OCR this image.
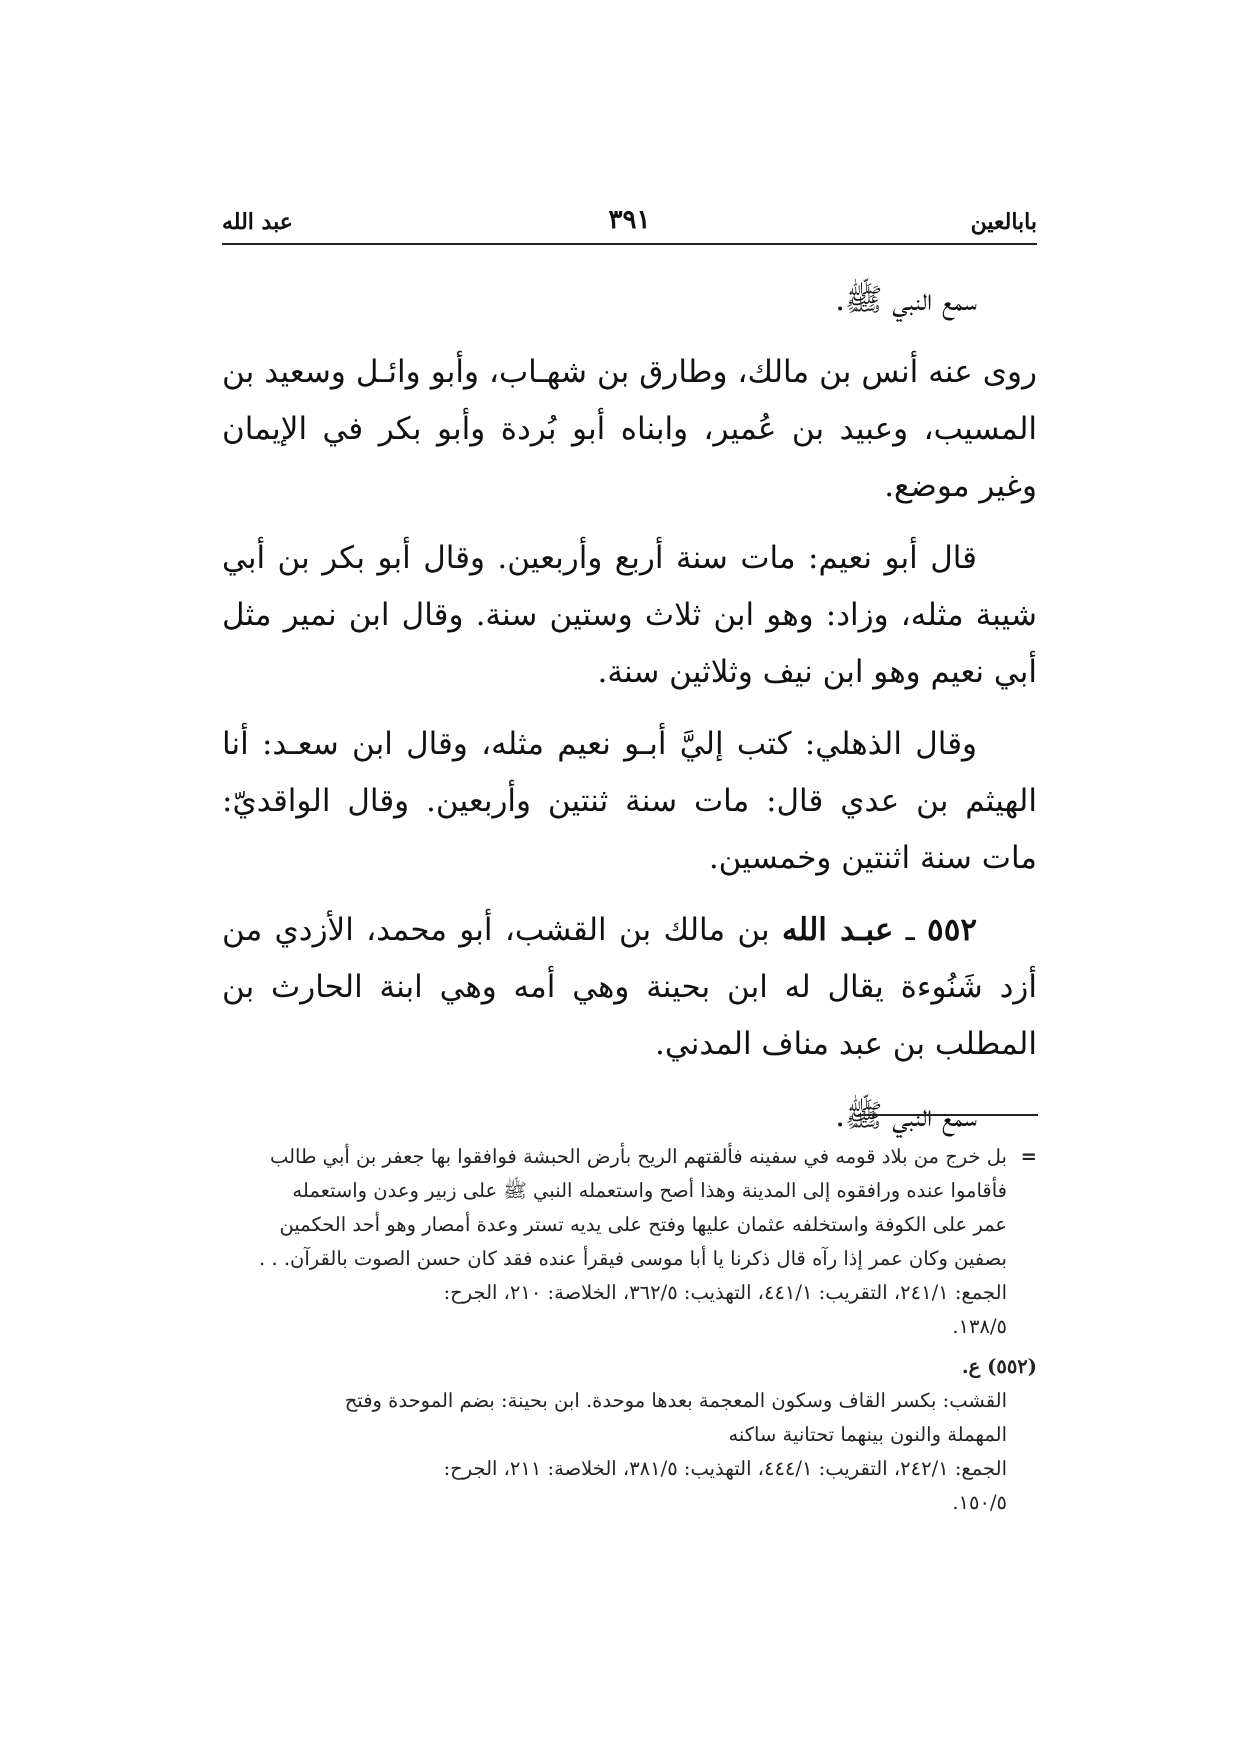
بابالعين
٣٩١
عبد الله

سمع النبي ﷺ.

روى عنه أنس بن مالك، وطارق بن شهـاب، وأبو وائـل وسعيد بن المسيب، وعبيد بن عُمير، وابناه أبو بُردة وأبو بكر في الإيمان وغير موضع.

قال أبو نعيم: مات سنة أربع وأربعين. وقال أبو بكر بن أبي شيبة مثله، وزاد: وهو ابن ثلاث وستين سنة. وقال ابن نمير مثل أبي نعيم وهو ابن نيف وثلاثين سنة.

وقال الذهلي: كتب إليَّ أبـو نعيم مثله، وقال ابن سعـد: أنا الهيثم بن عدي قال: مات سنة ثنتين وأربعين. وقال الواقديّ: مات سنة اثنتين وخمسين.

٥٥٢ ـ عبـد الله بن مالك بن القشب، أبو محمد، الأزدي من أزد شَنُوءة يقال له ابن بحينة وهي أمه وهي ابنة الحارث بن المطلب بن عبد مناف المدني.

سمع النبي ﷺ.

=
بل خرج من بلاد قومه في سفينه فألقتهم الريح بأرض الحبشة فوافقوا بها جعفر بن أبي طالب
فأقاموا عنده ورافقوه إلى المدينة وهذا أصح واستعمله النبي ﷺ على زبير وعدن واستعمله
عمر على الكوفة واستخلفه عثمان عليها وفتح على يديه تستر وعدة أمصار وهو أحد الحكمين
بصفين وكان عمر إذا رآه قال ذكرنا يا أبا موسى فيقرأ عنده فقد كان حسن الصوت بالقرآن. . .
الجمع: ٢٤١/١، التقريب: ٤٤١/١، التهذيب: ٣٦٢/٥، الخلاصة: ٢١٠، الجرح:
١٣٨/٥.
(٥٥٢) ع.
القشب: بكسر القاف وسكون المعجمة بعدها موحدة. ابن بحينة: بضم الموحدة وفتح
المهملة والنون بينهما تحتانية ساكنه
الجمع: ٢٤٢/١، التقريب: ٤٤٤/١، التهذيب: ٣٨١/٥، الخلاصة: ٢١١، الجرح:
١٥٠/٥.
